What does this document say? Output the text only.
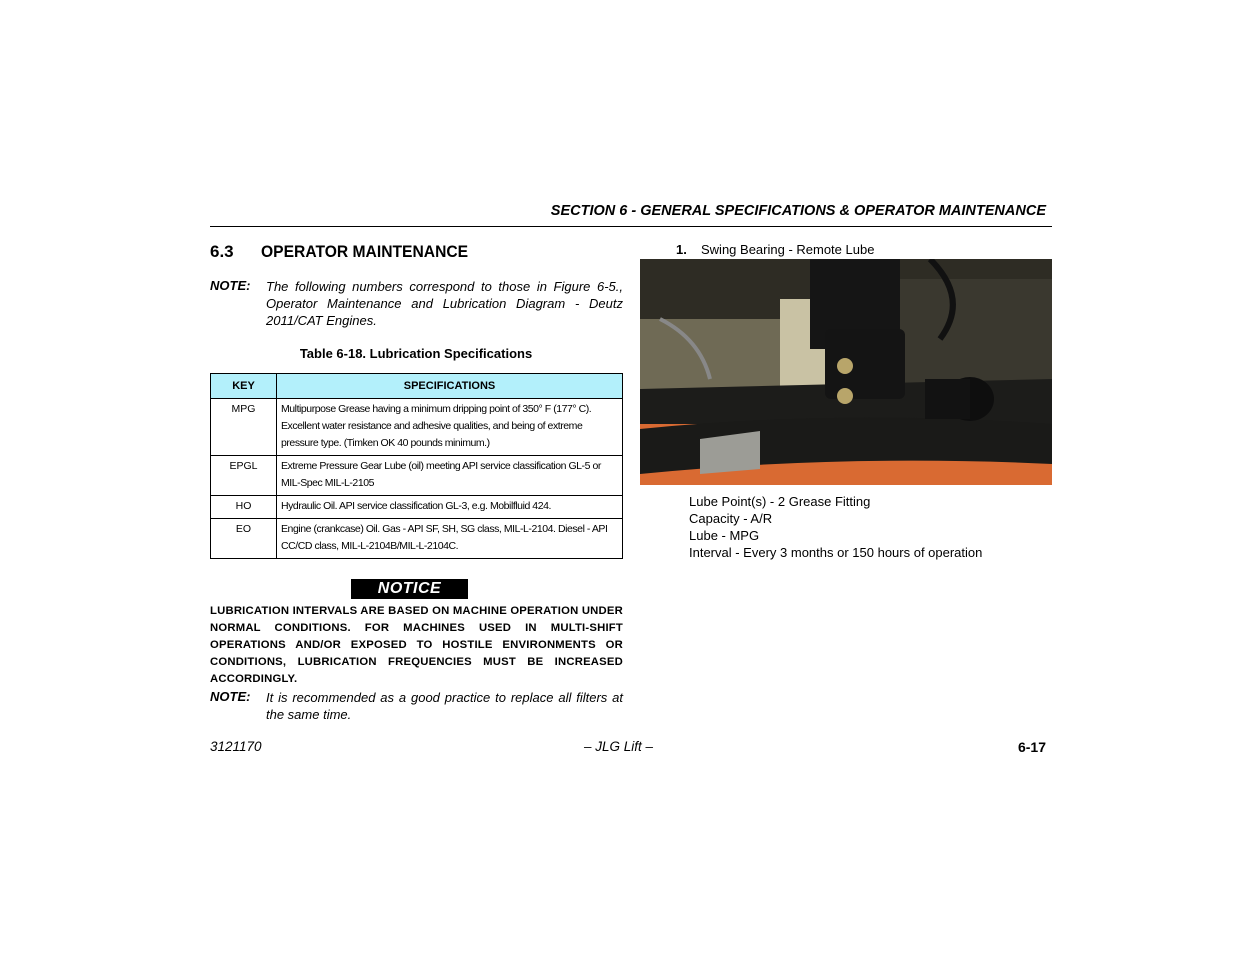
SECTION 6 - GENERAL SPECIFICATIONS & OPERATOR MAINTENANCE
6.3 OPERATOR MAINTENANCE
NOTE: The following numbers correspond to those in Figure 6-5., Operator Maintenance and Lubrication Diagram - Deutz 2011/CAT Engines.
Table 6-18. Lubrication Specifications
KEY	SPECIFICATIONS
MPG	Multipurpose Grease having a minimum dripping point of 350° F (177° C). Excellent water resistance and adhesive qualities, and being of extreme pressure type. (Timken OK 40 pounds minimum.)
EPGL	Extreme Pressure Gear Lube (oil) meeting API service classification GL-5 or MIL-Spec MIL-L-2105
HO	Hydraulic Oil. API service classification GL-3, e.g. Mobilfluid 424.
EO	Engine (crankcase) Oil. Gas - API SF, SH, SG class, MIL-L-2104. Diesel - API CC/CD class, MIL-L-2104B/MIL-L-2104C.
NOTICE
LUBRICATION INTERVALS ARE BASED ON MACHINE OPERATION UNDER NORMAL CONDITIONS. FOR MACHINES USED IN MULTI-SHIFT OPERATIONS AND/OR EXPOSED TO HOSTILE ENVIRONMENTS OR CONDITIONS, LUBRICATION FREQUENCIES MUST BE INCREASED ACCORDINGLY.
NOTE: It is recommended as a good practice to replace all filters at the same time.
1. Swing Bearing - Remote Lube
Lube Point(s) - 2 Grease Fitting
Capacity - A/R
Lube - MPG
Interval - Every 3 months or 150 hours of operation
3121170	– JLG Lift –	6-17
